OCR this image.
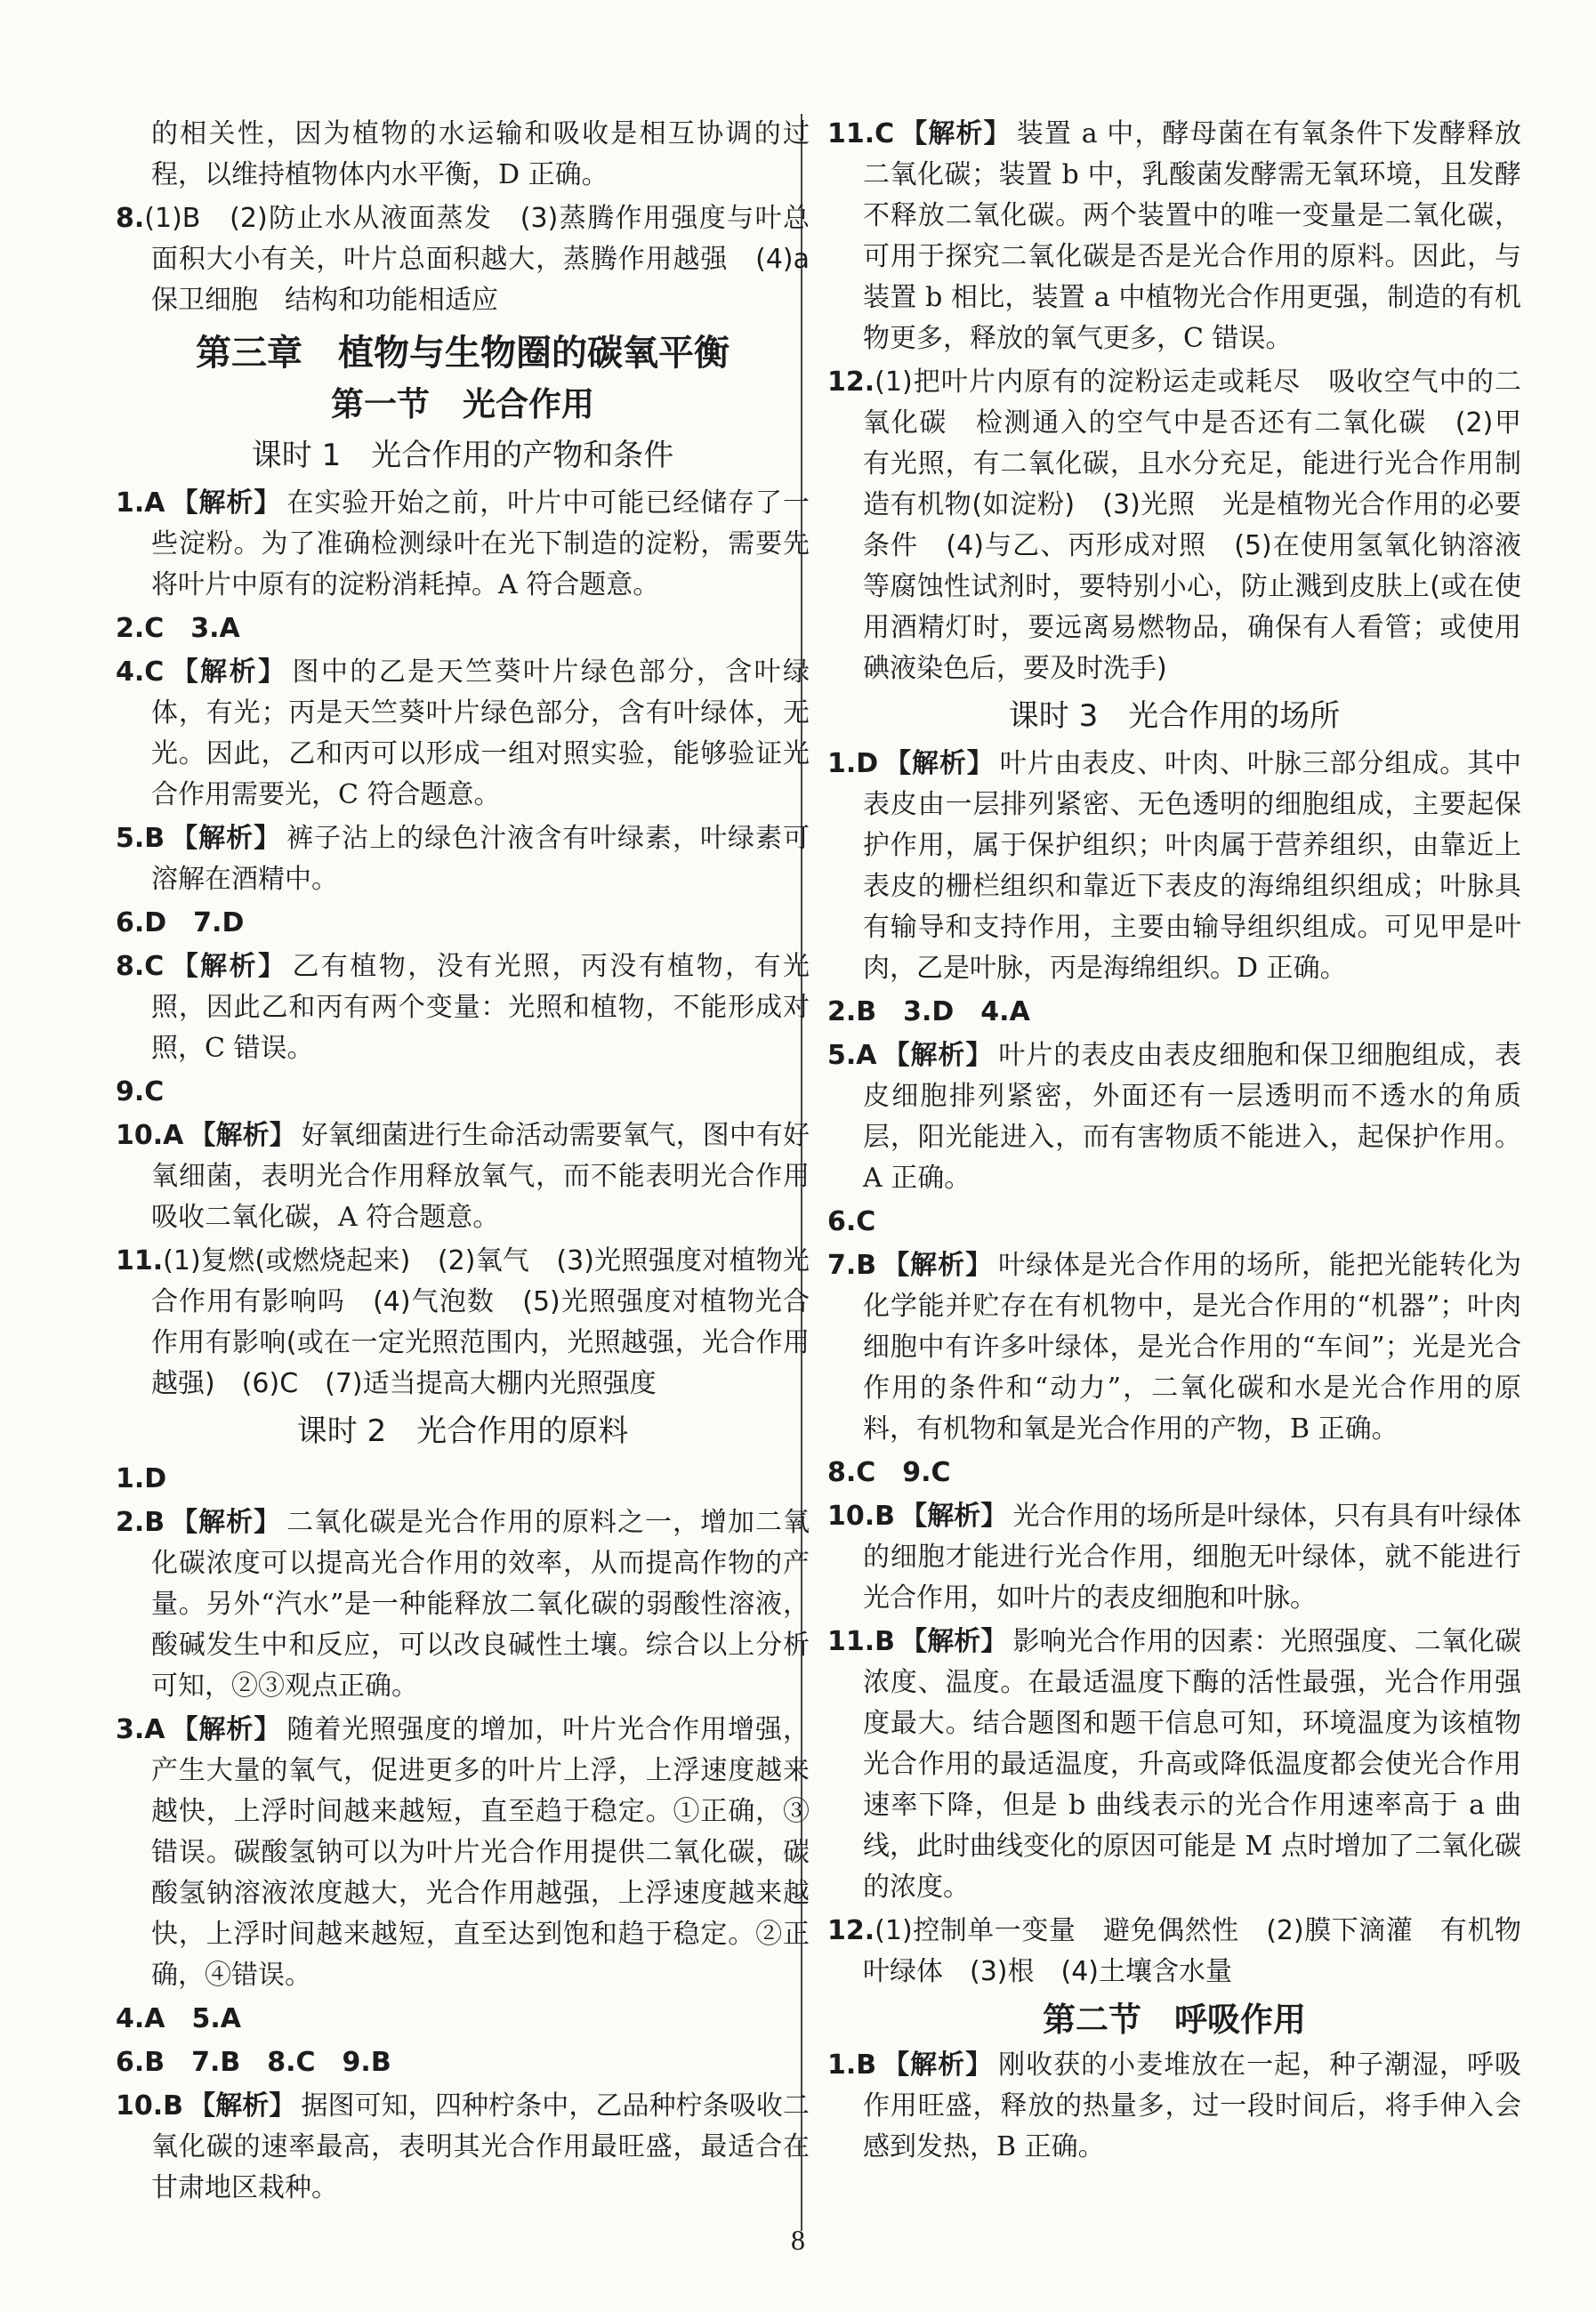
的相关性，因为植物的水运输和吸收是相互协调的过程，以维持植物体内水平衡，D 正确。

8.(1)B　(2)防止水从液面蒸发　(3)蒸腾作用强度与叶总面积大小有关，叶片总面积越大，蒸腾作用越强　(4)a　保卫细胞　结构和功能相适应

第三章　植物与生物圈的碳氧平衡
第一节　光合作用
课时 1　光合作用的产物和条件

1.A 【解析】 在实验开始之前，叶片中可能已经储存了一些淀粉。为了准确检测绿叶在光下制造的淀粉，需要先将叶片中原有的淀粉消耗掉。A 符合题意。

2.C　3.A

4.C 【解析】 图中的乙是天竺葵叶片绿色部分，含叶绿体，有光；丙是天竺葵叶片绿色部分，含有叶绿体，无光。因此，乙和丙可以形成一组对照实验，能够验证光合作用需要光，C 符合题意。

5.B 【解析】 裤子沾上的绿色汁液含有叶绿素，叶绿素可溶解在酒精中。

6.D　7.D

8.C 【解析】 乙有植物，没有光照，丙没有植物，有光照，因此乙和丙有两个变量：光照和植物，不能形成对照，C 错误。

9.C

10.A 【解析】 好氧细菌进行生命活动需要氧气，图中有好氧细菌，表明光合作用释放氧气，而不能表明光合作用吸收二氧化碳，A 符合题意。

11.(1)复燃(或燃烧起来)　(2)氧气　(3)光照强度对植物光合作用有影响吗　(4)气泡数　(5)光照强度对植物光合作用有影响(或在一定光照范围内，光照越强，光合作用越强)　(6)C　(7)适当提高大棚内光照强度

课时 2　光合作用的原料

1.D

2.B 【解析】 二氧化碳是光合作用的原料之一，增加二氧化碳浓度可以提高光合作用的效率，从而提高作物的产量。另外“汽水”是一种能释放二氧化碳的弱酸性溶液，酸碱发生中和反应，可以改良碱性土壤。综合以上分析可知，②③观点正确。

3.A 【解析】 随着光照强度的增加，叶片光合作用增强，产生大量的氧气，促进更多的叶片上浮，上浮速度越来越快，上浮时间越来越短，直至趋于稳定。①正确，③错误。碳酸氢钠可以为叶片光合作用提供二氧化碳，碳酸氢钠溶液浓度越大，光合作用越强，上浮速度越来越快，上浮时间越来越短，直至达到饱和趋于稳定。②正确，④错误。

4.A　5.A

6.B　7.B　8.C　9.B

10.B 【解析】 据图可知，四种柠条中，乙品种柠条吸收二氧化碳的速率最高，表明其光合作用最旺盛，最适合在甘肃地区栽种。

11.C 【解析】 装置 a 中，酵母菌在有氧条件下发酵释放二氧化碳；装置 b 中，乳酸菌发酵需无氧环境，且发酵不释放二氧化碳。两个装置中的唯一变量是二氧化碳，可用于探究二氧化碳是否是光合作用的原料。因此，与装置 b 相比，装置 a 中植物光合作用更强，制造的有机物更多，释放的氧气更多，C 错误。

12.(1)把叶片内原有的淀粉运走或耗尽　吸收空气中的二氧化碳　检测通入的空气中是否还有二氧化碳　(2)甲　有光照，有二氧化碳，且水分充足，能进行光合作用制造有机物(如淀粉)　(3)光照　光是植物光合作用的必要条件　(4)与乙、丙形成对照　(5)在使用氢氧化钠溶液等腐蚀性试剂时，要特别小心，防止溅到皮肤上(或在使用酒精灯时，要远离易燃物品，确保有人看管；或使用碘液染色后，要及时洗手)

课时 3　光合作用的场所

1.D 【解析】 叶片由表皮、叶肉、叶脉三部分组成。其中表皮由一层排列紧密、无色透明的细胞组成，主要起保护作用，属于保护组织；叶肉属于营养组织，由靠近上表皮的栅栏组织和靠近下表皮的海绵组织组成；叶脉具有输导和支持作用，主要由输导组织组成。可见甲是叶肉，乙是叶脉，丙是海绵组织。D 正确。

2.B　3.D　4.A

5.A 【解析】 叶片的表皮由表皮细胞和保卫细胞组成，表皮细胞排列紧密，外面还有一层透明而不透水的角质层，阳光能进入，而有害物质不能进入，起保护作用。A 正确。

6.C

7.B 【解析】 叶绿体是光合作用的场所，能把光能转化为化学能并贮存在有机物中，是光合作用的“机器”；叶肉细胞中有许多叶绿体，是光合作用的“车间”；光是光合作用的条件和“动力”，二氧化碳和水是光合作用的原料，有机物和氧是光合作用的产物，B 正确。

8.C　9.C

10.B 【解析】 光合作用的场所是叶绿体，只有具有叶绿体的细胞才能进行光合作用，细胞无叶绿体，就不能进行光合作用，如叶片的表皮细胞和叶脉。

11.B 【解析】 影响光合作用的因素：光照强度、二氧化碳浓度、温度。在最适温度下酶的活性最强，光合作用强度最大。结合题图和题干信息可知，环境温度为该植物光合作用的最适温度，升高或降低温度都会使光合作用速率下降，但是 b 曲线表示的光合作用速率高于 a 曲线，此时曲线变化的原因可能是 M 点时增加了二氧化碳的浓度。

12.(1)控制单一变量　避免偶然性　(2)膜下滴灌　有机物　叶绿体　(3)根　(4)土壤含水量

第二节　呼吸作用

1.B 【解析】 刚收获的小麦堆放在一起，种子潮湿，呼吸作用旺盛，释放的热量多，过一段时间后，将手伸入会感到发热，B 正确。

8
